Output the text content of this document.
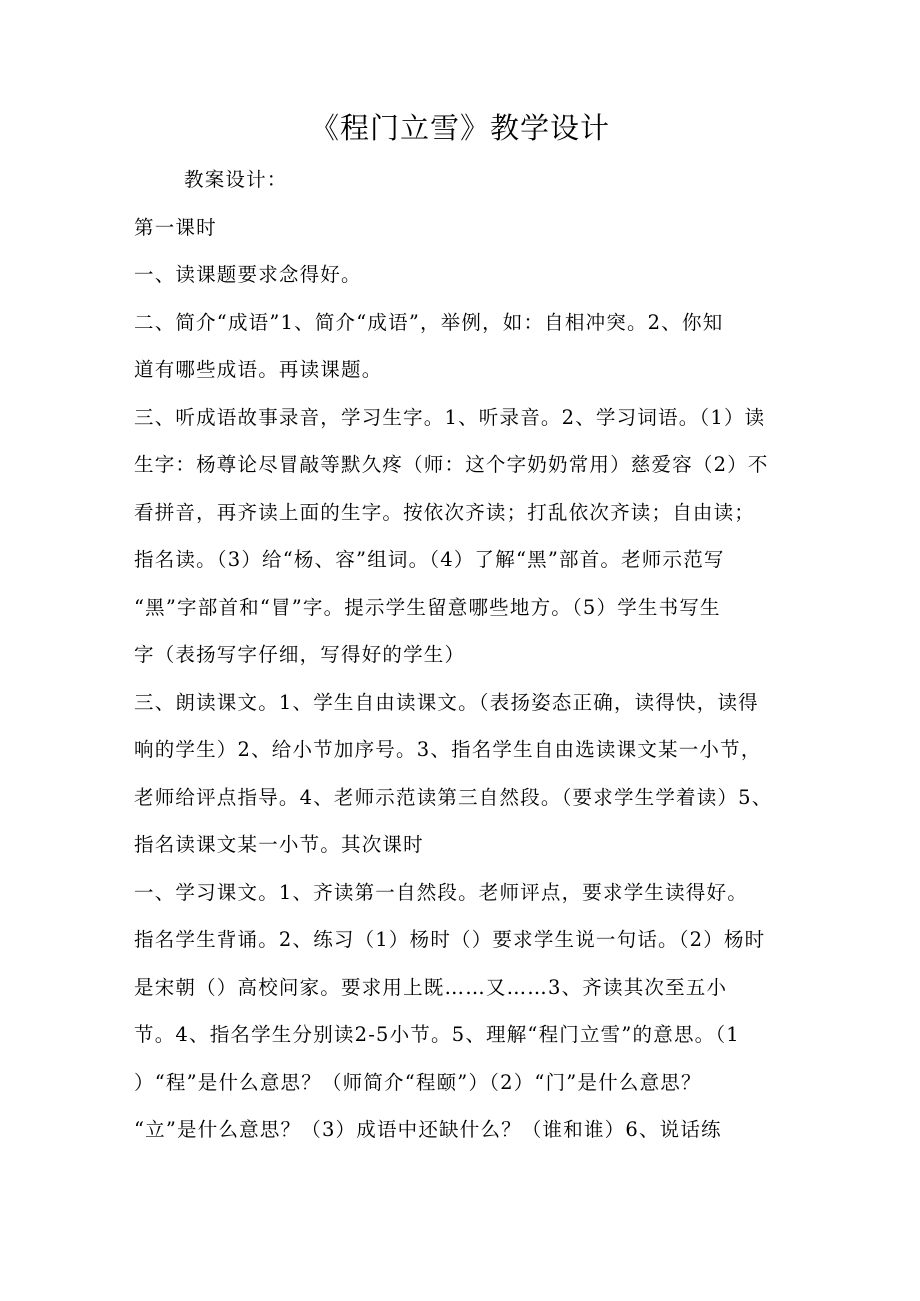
《程门立雪》教学设计
教案设计：
第一课时
一、读课题要求念得好。
二、简介“成语”1、简介“成语”，举例，如：自相冲突。2、你知
道有哪些成语。再读课题。
三、听成语故事录音，学习生字。1、听录音。2、学习词语。（1）读
生字：杨尊论尽冒敲等默久疼（师：这个字奶奶常用）慈爱容（2）不
看拼音，再齐读上面的生字。按依次齐读；打乱依次齐读；自由读；
指名读。（3）给“杨、容”组词。（4）了解“黑”部首。老师示范写
“黑”字部首和“冒”字。提示学生留意哪些地方。（5）学生书写生
字（表扬写字仔细，写得好的学生）
三、朗读课文。1、学生自由读课文。（表扬姿态正确，读得快，读得
响的学生）2、给小节加序号。3、指名学生自由选读课文某一小节，
老师给评点指导。4、老师示范读第三自然段。（要求学生学着读）5、
指名读课文某一小节。其次课时
一、学习课文。1、齐读第一自然段。老师评点，要求学生读得好。
指名学生背诵。2、练习（1）杨时（）要求学生说一句话。（2）杨时
是宋朝（）高校问家。要求用上既……又……3、齐读其次至五小
节。4、指名学生分别读2-5小节。5、理解“程门立雪”的意思。（1
）“程”是什么意思？（师简介“程颐”）（2）“门”是什么意思？
“立”是什么意思？（3）成语中还缺什么？（谁和谁）6、说话练
